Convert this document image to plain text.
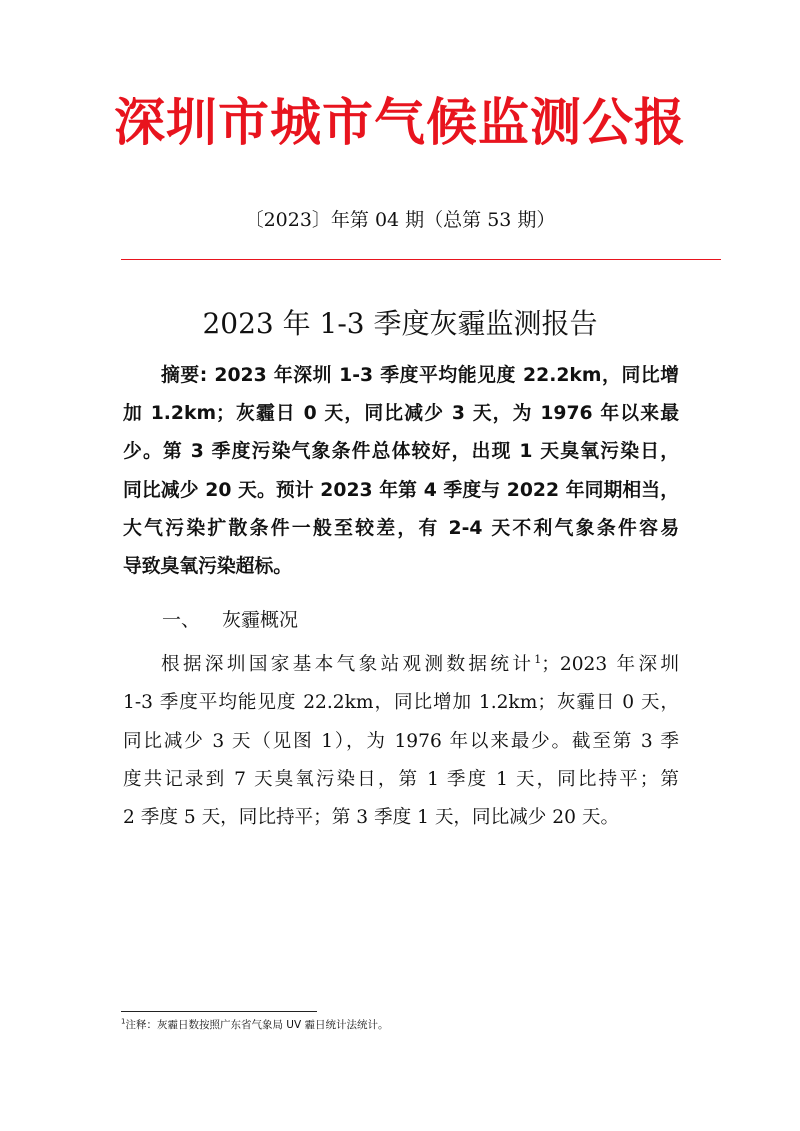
深圳市城市气候监测公报
〔2023〕年第 04 期（总第 53 期）
2023 年 1-3 季度灰霾监测报告
摘要: 2023 年深圳 1-3 季度平均能见度 22.2km，同比增
加 1.2km；灰霾日 0 天，同比减少 3 天，为 1976 年以来最
少。第 3 季度污染气象条件总体较好，出现 1 天臭氧污染日，
同比减少 20 天。预计 2023 年第 4 季度与 2022 年同期相当，
大气污染扩散条件一般至较差，有 2-4 天不利气象条件容易
导致臭氧污染超标。
一、 灰霾概况
根据深圳国家基本气象站观测数据统计$^1$；2023 年深圳
1-3 季度平均能见度 22.2km，同比增加 1.2km；灰霾日 0 天，
同比减少 3 天（见图 1），为 1976 年以来最少。截至第 3 季
度共记录到 7 天臭氧污染日，第 1 季度 1 天，同比持平；第
2 季度 5 天，同比持平；第 3 季度 1 天，同比减少 20 天。
$^1$注释：灰霾日数按照广东省气象局 UV 霾日统计法统计。
